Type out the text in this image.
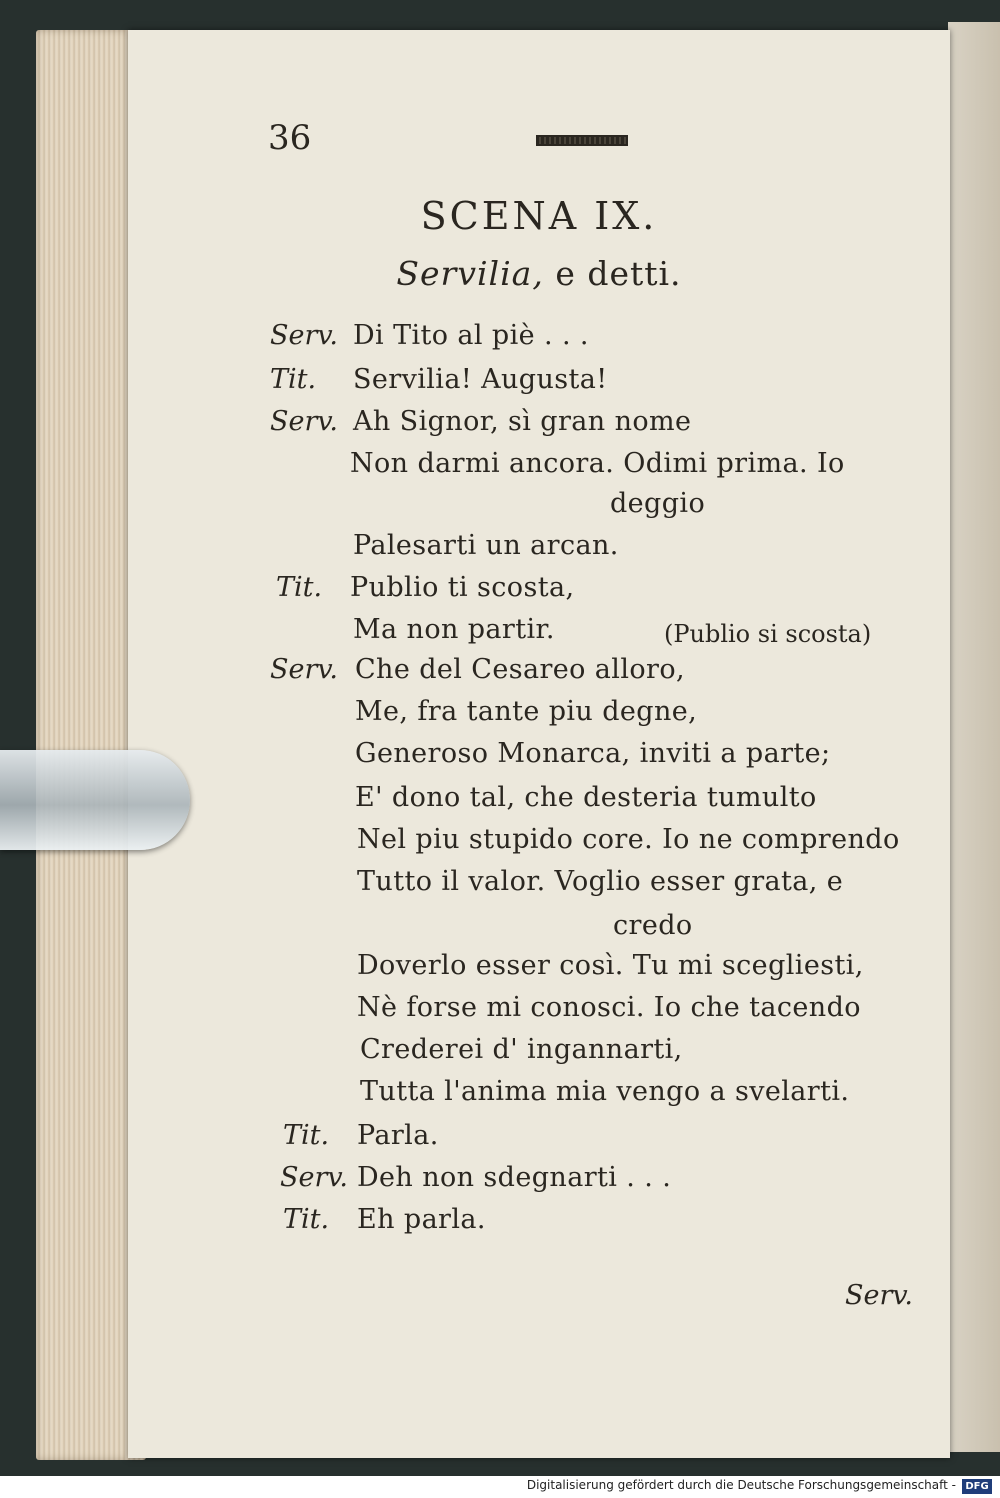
36
SCENA IX.
Servilia, e detti.
Serv. Di Tito al piè . . .
Tit. Servilia! Augusta!
Serv. Ah Signor, sì gran nome
Non darmi ancora. Odimi prima. Io
deggio
Palesarti un arcan.
Tit. Publio ti scosta,
Ma non partir.
Serv. Che del Cesareo alloro,
Me, fra tante piu degne,
Generoso Monarca, inviti a parte;
E' dono tal, che desteria tumulto
Nel piu stupido core. Io ne comprendo
Tutto il valor. Voglio esser grata, e
credo
Doverlo esser così. Tu mi scegliesti,
Nè forse mi conosci. Io che tacendo
Crederei d' ingannarti,
Tutta l'anima mia vengo a svelarti.
Tit. Parla.
Serv. Deh non sdegnarti . . .
Tit. Eh parla.
(Publio si scosta)
Serv.
Digitalisierung gefördert durch die Deutsche Forschungsgemeinschaft - DFG
